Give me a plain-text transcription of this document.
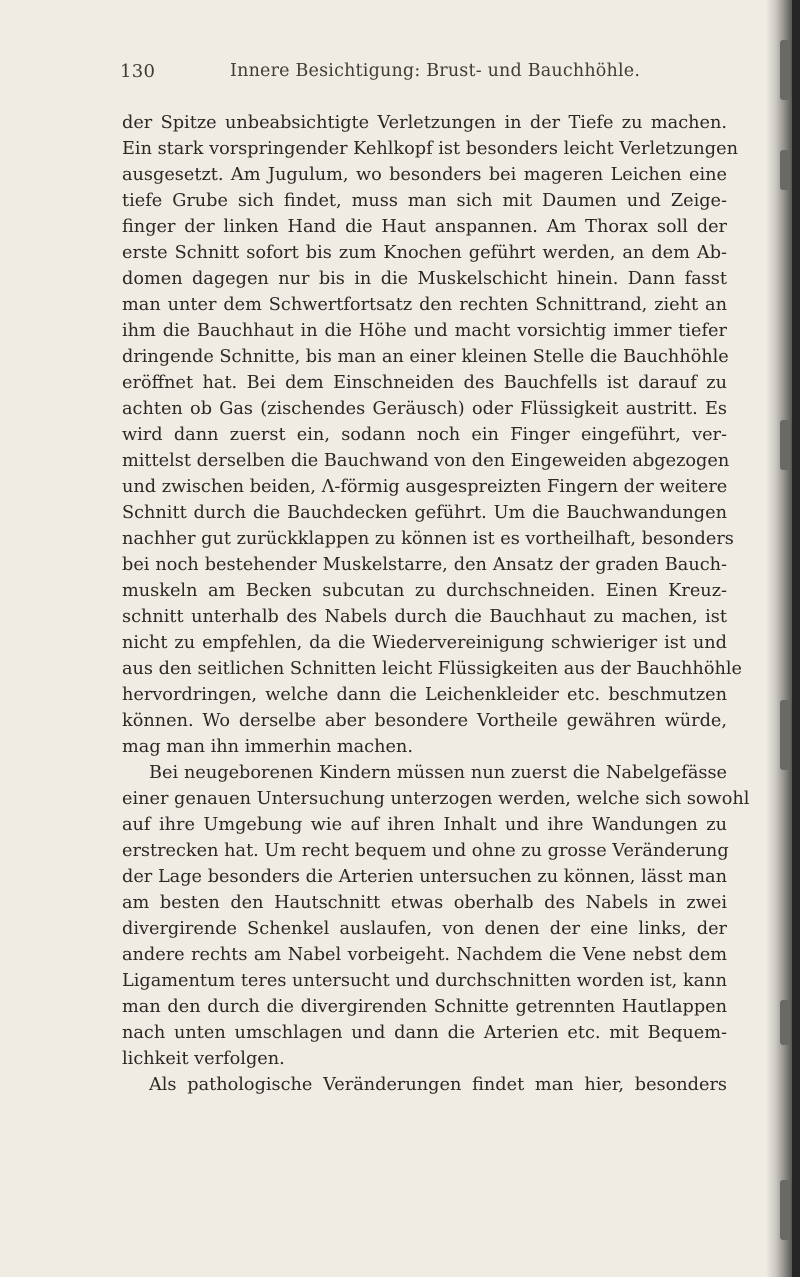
130	Innere Besichtigung: Brust- und Bauchhöhle.
der Spitze unbeabsichtigte Verletzungen in der Tiefe zu machen.
Ein stark vorspringender Kehlkopf ist besonders leicht Verletzungen
ausgesetzt. Am Jugulum, wo besonders bei mageren Leichen eine
tiefe Grube sich findet, muss man sich mit Daumen und Zeige-
finger der linken Hand die Haut anspannen. Am Thorax soll der
erste Schnitt sofort bis zum Knochen geführt werden, an dem Ab-
domen dagegen nur bis in die Muskelschicht hinein. Dann fasst
man unter dem Schwertfortsatz den rechten Schnittrand, zieht an
ihm die Bauchhaut in die Höhe und macht vorsichtig immer tiefer
dringende Schnitte, bis man an einer kleinen Stelle die Bauchhöhle
eröffnet hat. Bei dem Einschneiden des Bauchfells ist darauf zu
achten ob Gas (zischendes Geräusch) oder Flüssigkeit austritt. Es
wird dann zuerst ein, sodann noch ein Finger eingeführt, ver-
mittelst derselben die Bauchwand von den Eingeweiden abgezogen
und zwischen beiden, Λ-förmig ausgespreizten Fingern der weitere
Schnitt durch die Bauchdecken geführt. Um die Bauchwandungen
nachher gut zurückklappen zu können ist es vortheilhaft, besonders
bei noch bestehender Muskelstarre, den Ansatz der graden Bauch-
muskeln am Becken subcutan zu durchschneiden. Einen Kreuz-
schnitt unterhalb des Nabels durch die Bauchhaut zu machen, ist
nicht zu empfehlen, da die Wiedervereinigung schwieriger ist und
aus den seitlichen Schnitten leicht Flüssigkeiten aus der Bauchhöhle
hervordringen, welche dann die Leichenkleider etc. beschmutzen
können. Wo derselbe aber besondere Vortheile gewähren würde,
mag man ihn immerhin machen.
Bei neugeborenen Kindern müssen nun zuerst die Nabelgefässe
einer genauen Untersuchung unterzogen werden, welche sich sowohl
auf ihre Umgebung wie auf ihren Inhalt und ihre Wandungen zu
erstrecken hat. Um recht bequem und ohne zu grosse Veränderung
der Lage besonders die Arterien untersuchen zu können, lässt man
am besten den Hautschnitt etwas oberhalb des Nabels in zwei
divergirende Schenkel auslaufen, von denen der eine links, der
andere rechts am Nabel vorbeigeht. Nachdem die Vene nebst dem
Ligamentum teres untersucht und durchschnitten worden ist, kann
man den durch die divergirenden Schnitte getrennten Hautlappen
nach unten umschlagen und dann die Arterien etc. mit Bequem-
lichkeit verfolgen.
Als pathologische Veränderungen findet man hier, besonders
